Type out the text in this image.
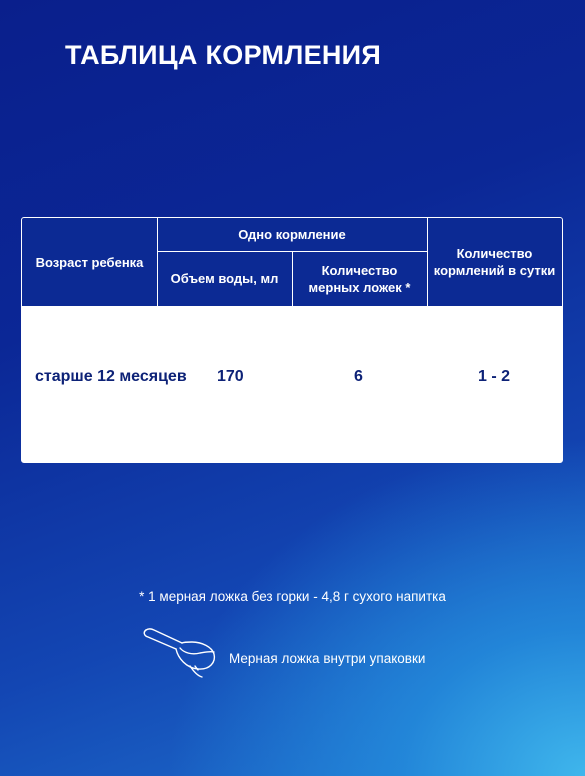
ТАБЛИЦА КОРМЛЕНИЯ
Возраст ребенка
Одно кормление
Объем воды, мл
Количество
мерных ложек *
Количество
кормлений в сутки
старше 12 месяцев 170	6	1 - 2
* 1 мерная ложка без горки - 4,8 г сухого напитка
Мерная ложка внутри упаковки
